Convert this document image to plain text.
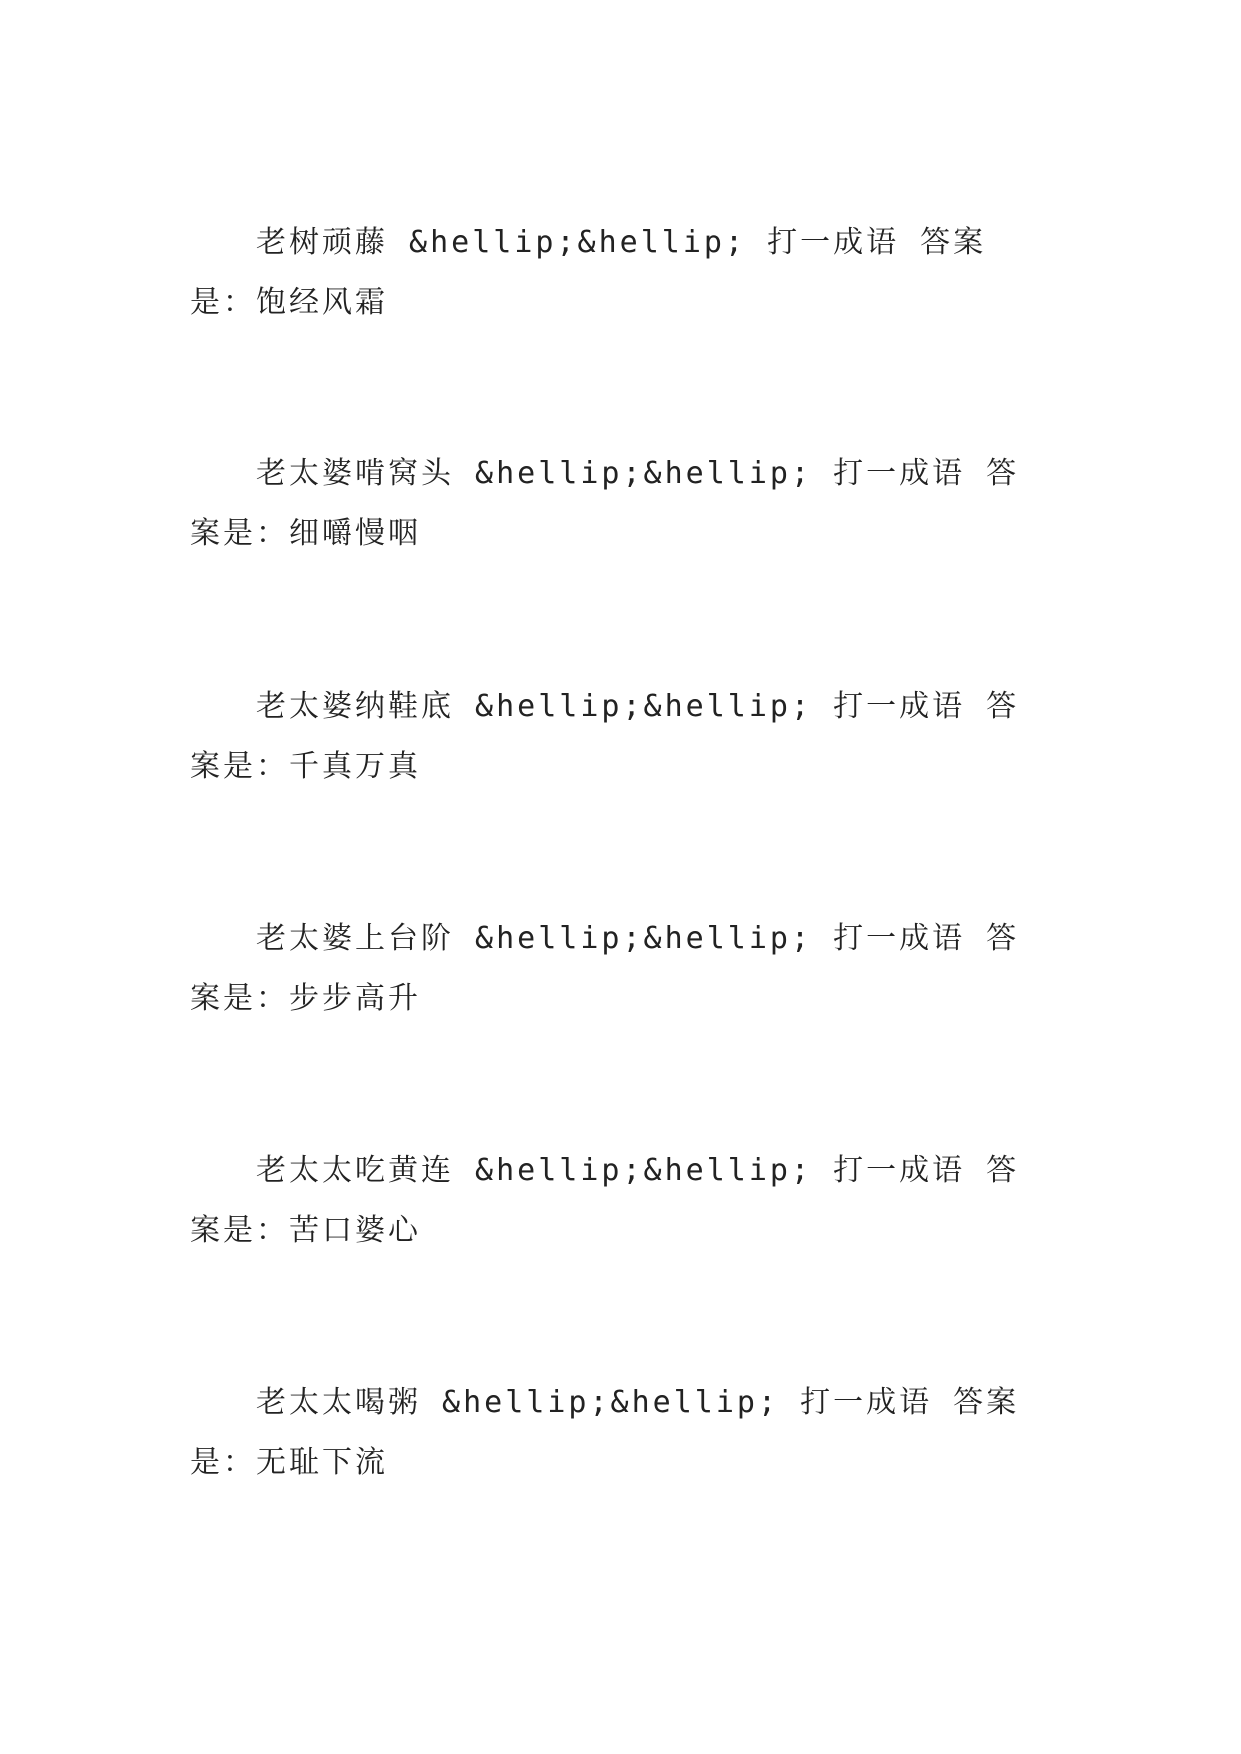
老树顽藤 &hellip;&hellip; 打一成语 答案是：饱经风霜

老太婆啃窝头 &hellip;&hellip; 打一成语 答案是：细嚼慢咽

老太婆纳鞋底 &hellip;&hellip; 打一成语 答案是：千真万真

老太婆上台阶 &hellip;&hellip; 打一成语 答案是：步步高升

老太太吃黄连 &hellip;&hellip; 打一成语 答案是：苦口婆心

老太太喝粥 &hellip;&hellip; 打一成语 答案是：无耻下流
